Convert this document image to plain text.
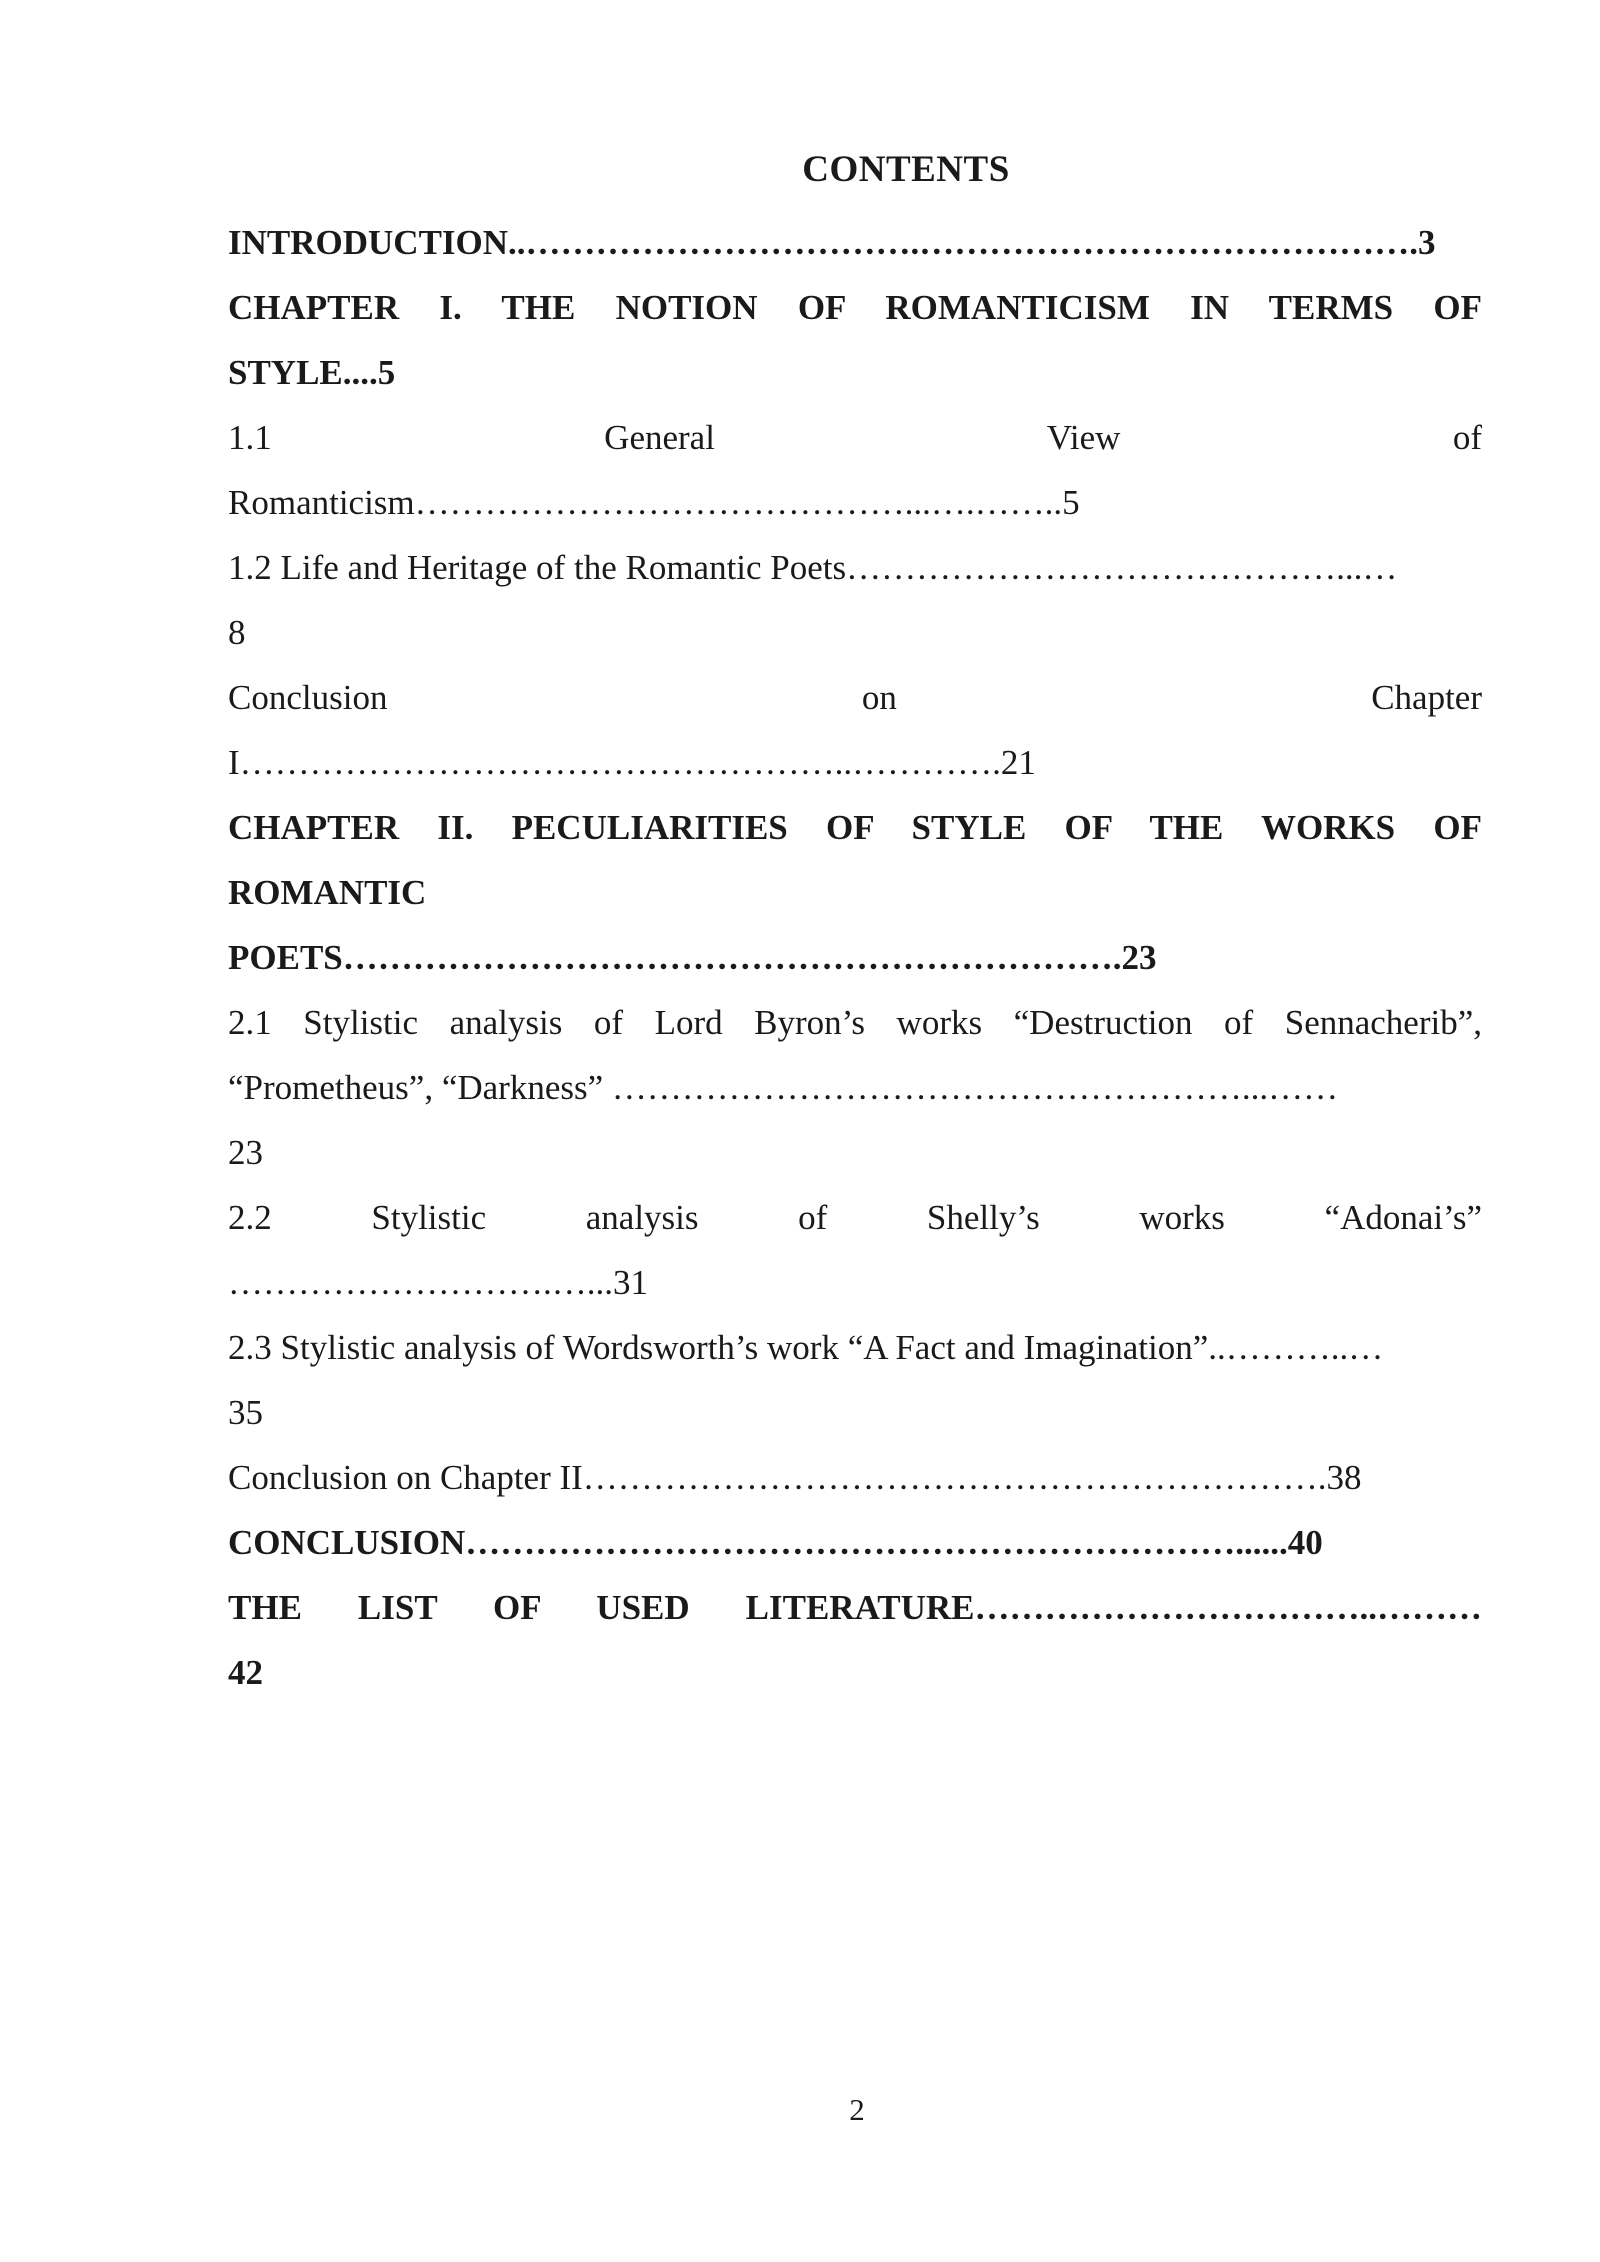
CONTENTS
INTRODUCTION..…………………………….…………………………………….3
CHAPTER I. THE NOTION OF ROMANTICISM IN TERMS OF
STYLE....5
1.1 General View of
Romanticism……………………………………...….……..5
1.2 Life and Heritage of the Romantic Poets……………………………………...…
8
Conclusion on Chapter
I……………………………………………..………….21
CHAPTER II. PECULIARITIES OF STYLE OF THE WORKS OF
ROMANTIC
POETS………………………………………………………….23
2.1 Stylistic analysis of Lord Byron’s works “Destruction of Sennacherib”,
“Prometheus”, “Darkness” ………………………………………………...……
23
2.2 Stylistic analysis of Shelly’s works “Adonai’s”
……………………….…...31
2.3 Stylistic analysis of Wordsworth’s work “A Fact and Imagination”..………..…
35
Conclusion on Chapter II……………………………………………………….38
CONCLUSION…………………………………………………………......40
THE LIST OF USED LITERATURE……………………………..………
42
2
